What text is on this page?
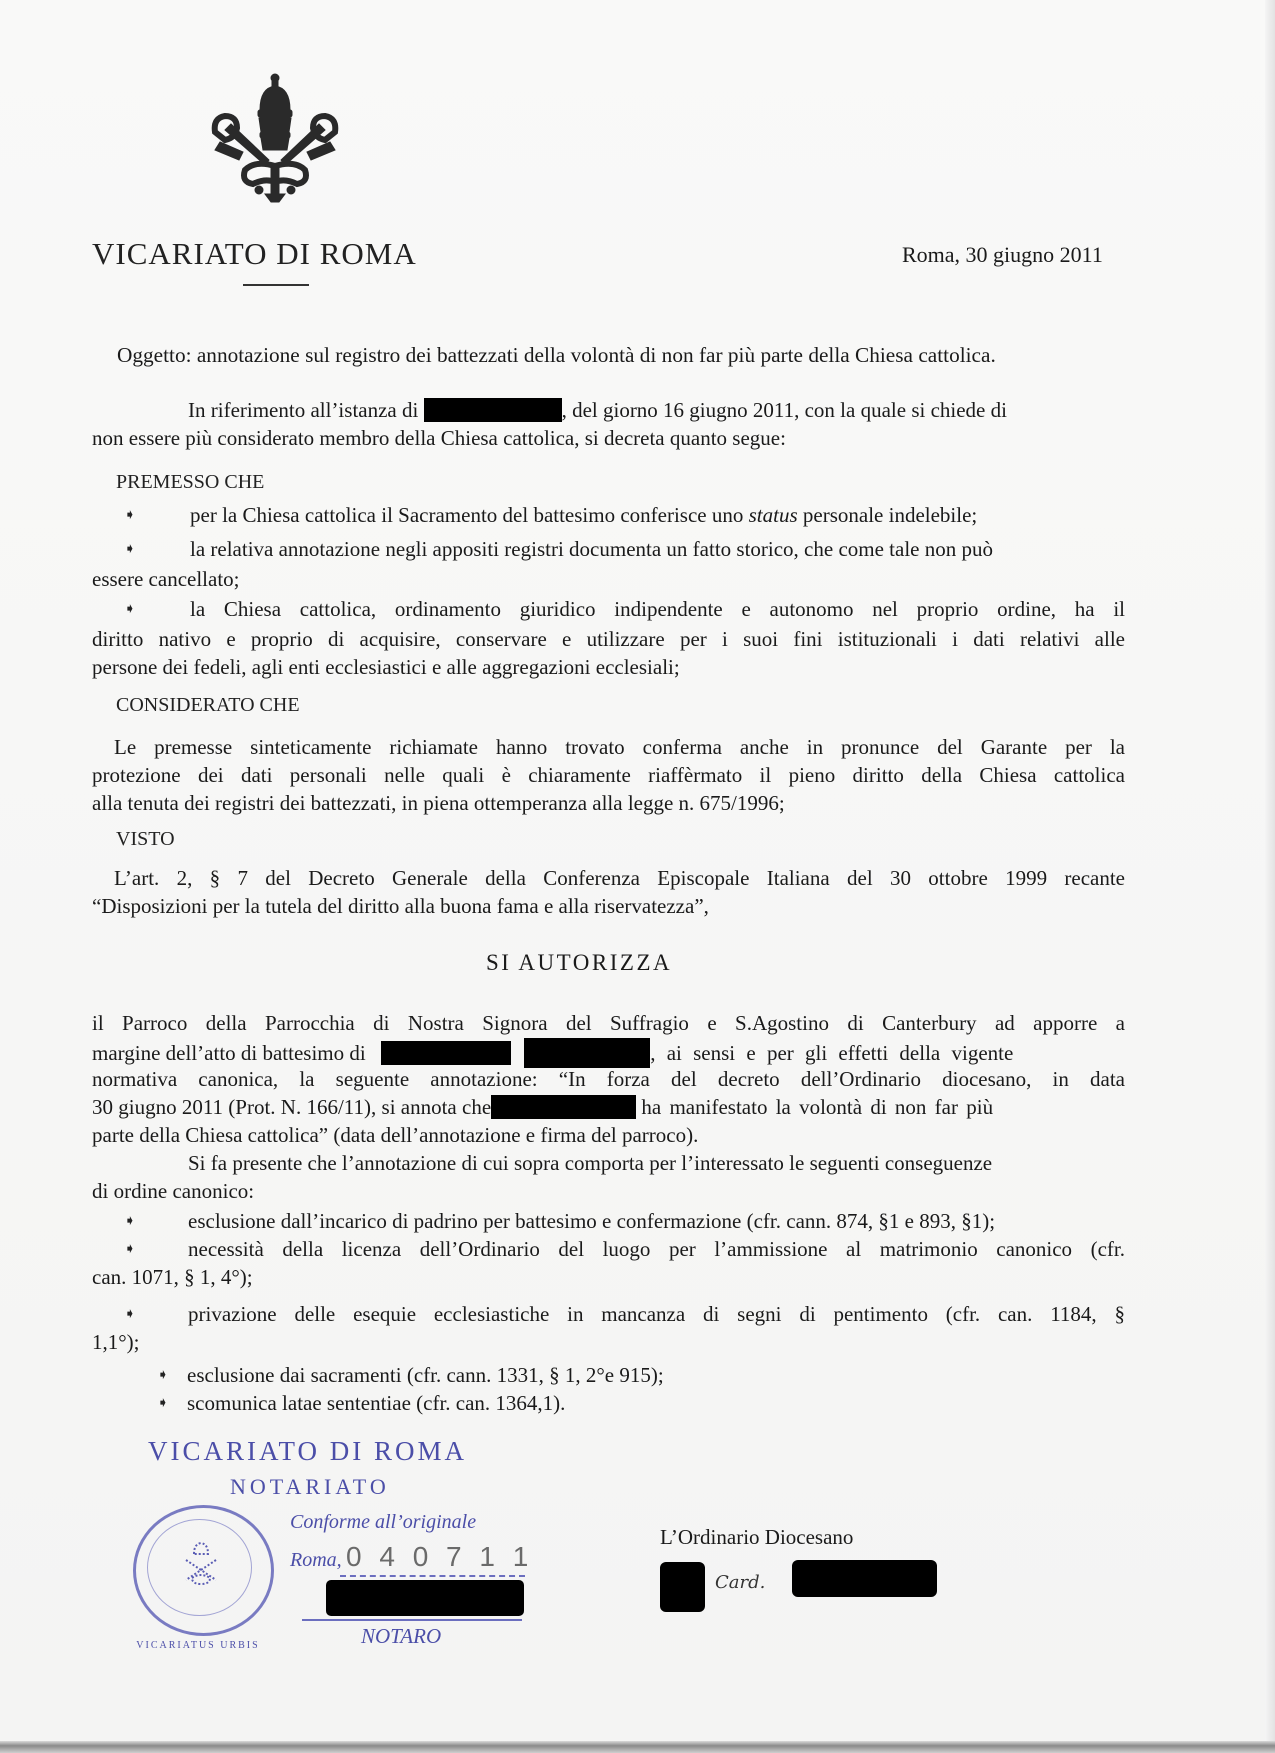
VICARIATO DI ROMA	Roma, 30 giugno 2011
Oggetto: annotazione sul registro dei battezzati della volontà di non far più parte della Chiesa cattolica.
In riferimento all’istanza di	, del giorno 16 giugno 2011, con la quale si chiede di
non essere più considerato membro della Chiesa cattolica, si decreta quanto segue:
PREMESSO CHE
➧	per la Chiesa cattolica il Sacramento del battesimo conferisce uno status personale indelebile;
➧	la relativa annotazione negli appositi registri documenta un fatto storico, che come tale non può
essere cancellato;
➧	la Chiesa cattolica, ordinamento giuridico indipendente e autonomo nel proprio ordine, ha il
diritto nativo e proprio di acquisire, conservare e utilizzare per i suoi fini istituzionali i dati relativi alle
persone dei fedeli, agli enti ecclesiastici e alle aggregazioni ecclesiali;
CONSIDERATO CHE
Le premesse sinteticamente richiamate hanno trovato conferma anche in pronunce del Garante per la
protezione dei dati personali nelle quali è chiaramente riaffèrmato il pieno diritto della Chiesa cattolica
alla tenuta dei registri dei battezzati, in piena ottemperanza alla legge n. 675/1996;
VISTO
L’art. 2, § 7 del Decreto Generale della Conferenza Episcopale Italiana del 30 ottobre 1999 recante
“Disposizioni per la tutela del diritto alla buona fama e alla riservatezza”,
SI AUTORIZZA
il Parroco della Parrocchia di Nostra Signora del Suffragio e S.Agostino di Canterbury ad apporre a
margine dell’atto di battesimo di	, ai sensi e per gli effetti della vigente
normativa canonica, la seguente annotazione: “In forza del decreto dell’Ordinario diocesano, in data
30 giugno 2011 (Prot. N. 166/11), si annota che	ha manifestato la volontà di non far più
parte della Chiesa cattolica” (data dell’annotazione e firma del parroco).
Si fa presente che l’annotazione di cui sopra comporta per l’interessato le seguenti conseguenze
di ordine canonico:
➧ esclusione dall’incarico di padrino per battesimo e confermazione (cfr. cann. 874, §1 e 893, §1);
➧ necessità della licenza dell’Ordinario del luogo per l’ammissione al matrimonio canonico (cfr.
can. 1071, § 1, 4°);
➧ privazione delle esequie ecclesiastiche in mancanza di segni di pentimento (cfr. can. 1184, §
1,1°);
➧ esclusione dai sacramenti (cfr. cann. 1331, § 1, 2°e 915);
➧ scomunica latae sententiae (cfr. can. 1364,1).
VICARIATO DI ROMA
NOTARIATO
VICARIATUS URBIS
Conforme all’originale
Roma, 0 4 0 7 1 1
NOTARO
L’Ordinario Diocesano
Card.
